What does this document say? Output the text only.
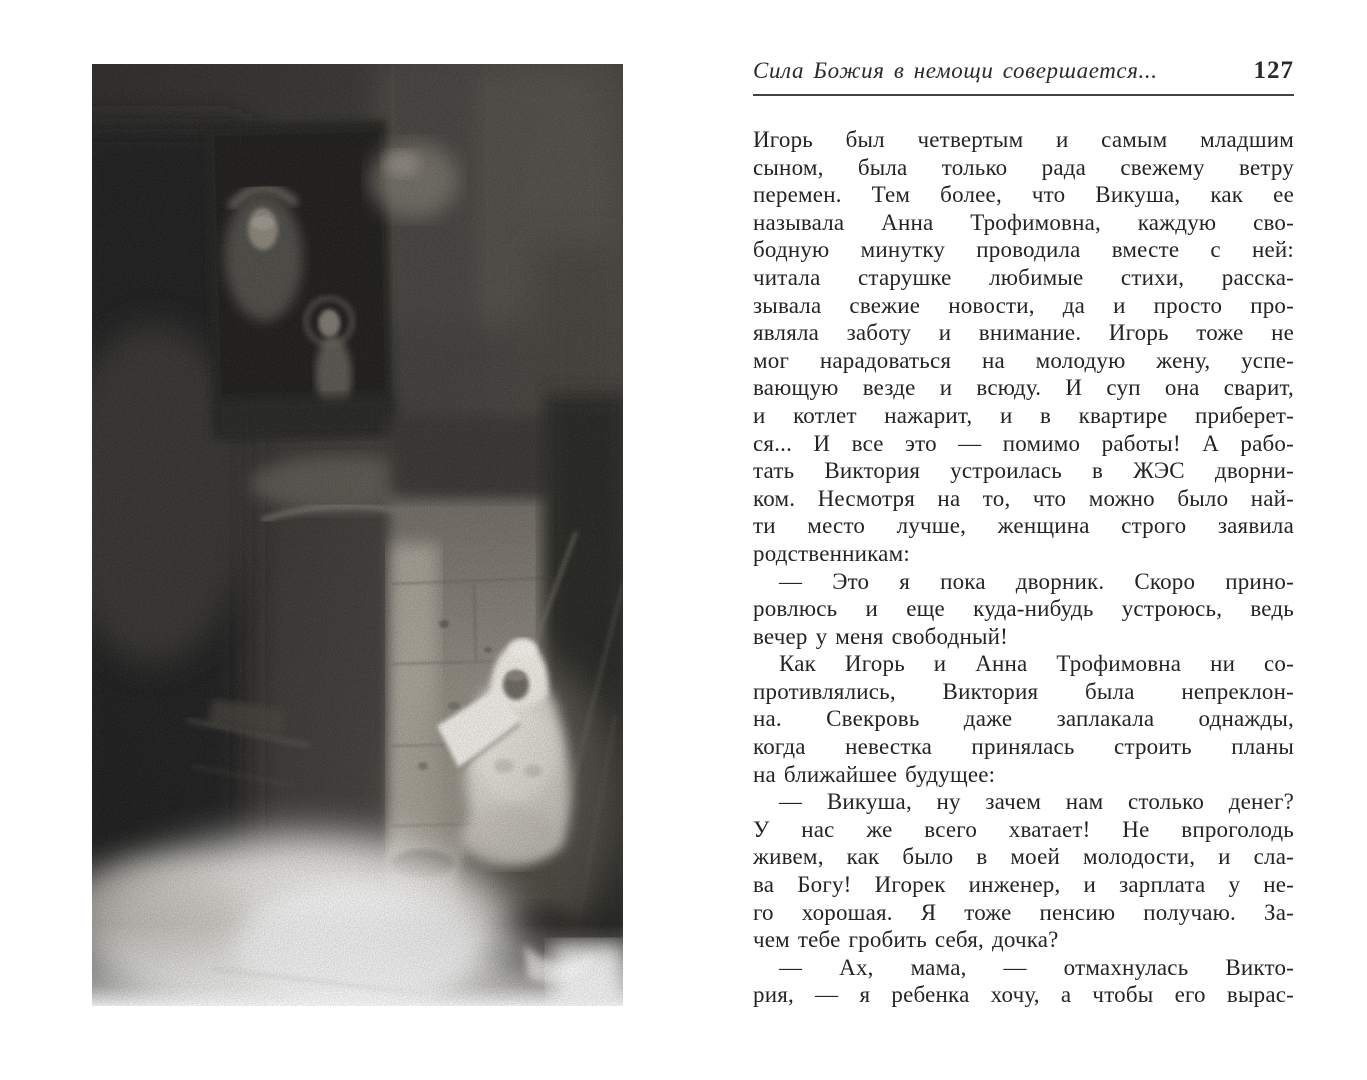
Сила Божия в немощи совершается...	127
Игорь был четвертым и самым младшим
сыном, была только рада свежему ветру
перемен. Тем более, что Викуша, как ее
называла Анна Трофимовна, каждую сво-
бодную минутку проводила вместе с ней:
читала старушке любимые стихи, расска-
зывала свежие новости, да и просто про-
являла заботу и внимание. Игорь тоже не
мог нарадоваться на молодую жену, успе-
вающую везде и всюду. И суп она сварит,
и котлет нажарит, и в квартире приберет-
ся... И все это — помимо работы! А рабо-
тать Виктория устроилась в ЖЭС дворни-
ком. Несмотря на то, что можно было най-
ти место лучше, женщина строго заявила
родственникам:
— Это я пока дворник. Скоро прино-
ровлюсь и еще куда-нибудь устроюсь, ведь
вечер у меня свободный!
Как Игорь и Анна Трофимовна ни со-
противлялись, Виктория была непреклон-
на. Свекровь даже заплакала однажды,
когда невестка принялась строить планы
на ближайшее будущее:
— Викуша, ну зачем нам столько денег?
У нас же всего хватает! Не впроголодь
живем, как было в моей молодости, и сла-
ва Богу! Игорек инженер, и зарплата у не-
го хорошая. Я тоже пенсию получаю. За-
чем тебе гробить себя, дочка?
— Ах, мама, — отмахнулась Викто-
рия, — я ребенка хочу, а чтобы его вырас-
